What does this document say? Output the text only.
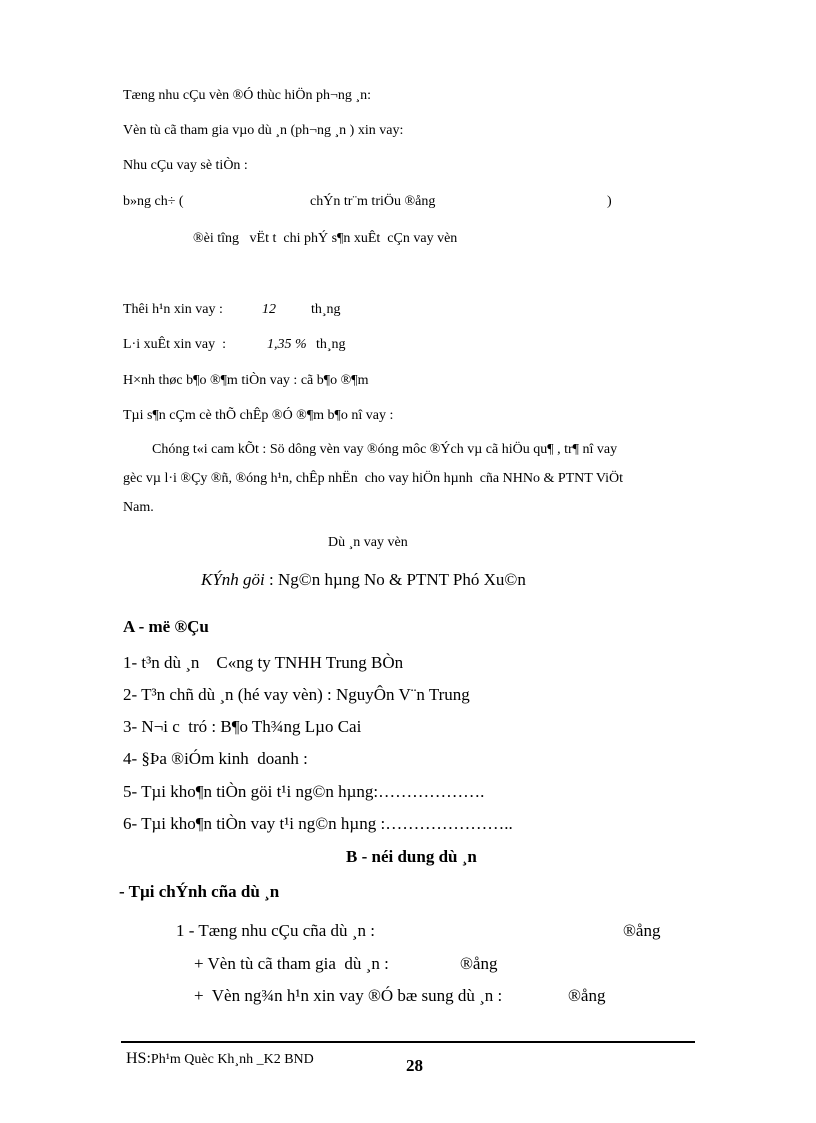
Tæng nhu cÇu vèn ®Ó thùc hiÖn ph¬ng ¸n:
Vèn tù cã tham gia vµo dù ¸n (ph¬ng ¸n ) xin vay:
Nhu cÇu vay sè tiÒn :
b»ng ch÷ (	chÝn tr¨m triÖu ®ång	)
®èi tîng   vËt t  chi phÝ s¶n xuÊt  cÇn vay vèn
Thêi h¹n xin vay :	12	th¸ng
L·i xuÊt xin vay  :	1,35 % th¸ng
H×nh thøc b¶o ®¶m tiÒn vay : cã b¶o ®¶m
Tµi s¶n cÇm cè thÕ chÊp ®Ó ®¶m b¶o nî vay :
Chóng t«i cam kÕt : Sö dông vèn vay ®óng môc ®Ých vµ cã hiÖu qu¶ , tr¶ nî vay
gèc vµ l·i ®Çy ®ñ, ®óng h¹n, chÊp nhËn  cho vay hiÖn hµnh  cña NHNo & PTNT ViÖt
Nam.
Dù ¸n vay vèn
KÝnh göi : Ng©n hµng No & PTNT Phó Xu©n
A - më ®Çu
1- t³n dù ¸n    C«ng ty TNHH Trung BÒn
2- T³n chñ dù ¸n (hé vay vèn) : NguyÔn V¨n Trung
3- N¬i c  tró : B¶o Th¾ng Lµo Cai
4- §Þa ®iÓm kinh  doanh :
5- Tµi kho¶n tiÒn göi t¹i ng©n hµng:……………….
6- Tµi kho¶n tiÒn vay t¹i ng©n hµng :…………………..
B - néi dung dù ¸n
- Tµi chÝnh cña dù ¸n
1 - Tæng nhu cÇu cña dù ¸n :	®ång
+ Vèn tù cã tham gia  dù ¸n :	®ång
+  Vèn ng¾n h¹n xin vay ®Ó bæ sung dù ¸n :	®ång
HS:Ph¹m Quèc Kh¸nh _K2 BND	28
